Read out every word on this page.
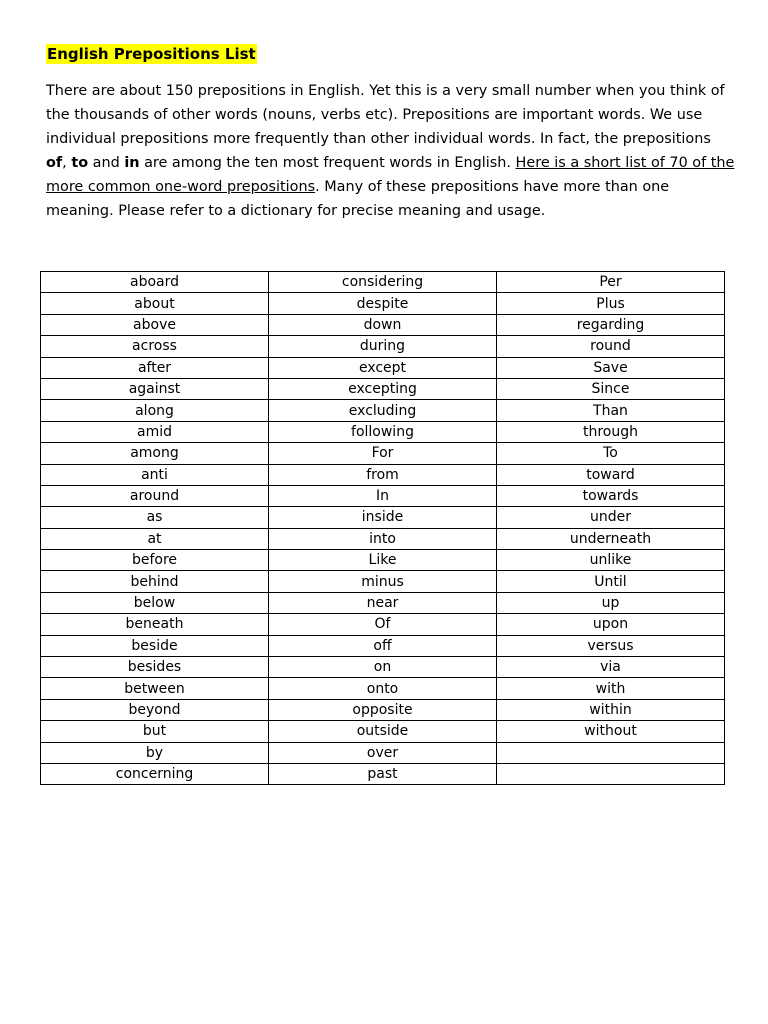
English Prepositions List

There are about 150 prepositions in English. Yet this is a very small number when you think of the thousands of other words (nouns, verbs etc). Prepositions are important words. We use individual prepositions more frequently than other individual words. In fact, the prepositions of, to and in are among the ten most frequent words in English. Here is a short list of 70 of the more common one-word prepositions. Many of these prepositions have more than one meaning. Please refer to a dictionary for precise meaning and usage.

aboard	considering	Per
about	despite	Plus
above	down	regarding
across	during	round
after	except	Save
against	excepting	Since
along	excluding	Than
amid	following	through
among	For	To
anti	from	toward
around	In	towards
as	inside	under
at	into	underneath
before	Like	unlike
behind	minus	Until
below	near	up
beneath	Of	upon
beside	off	versus
besides	on	via
between	onto	with
beyond	opposite	within
but	outside	without
by	over	
concerning	past	
